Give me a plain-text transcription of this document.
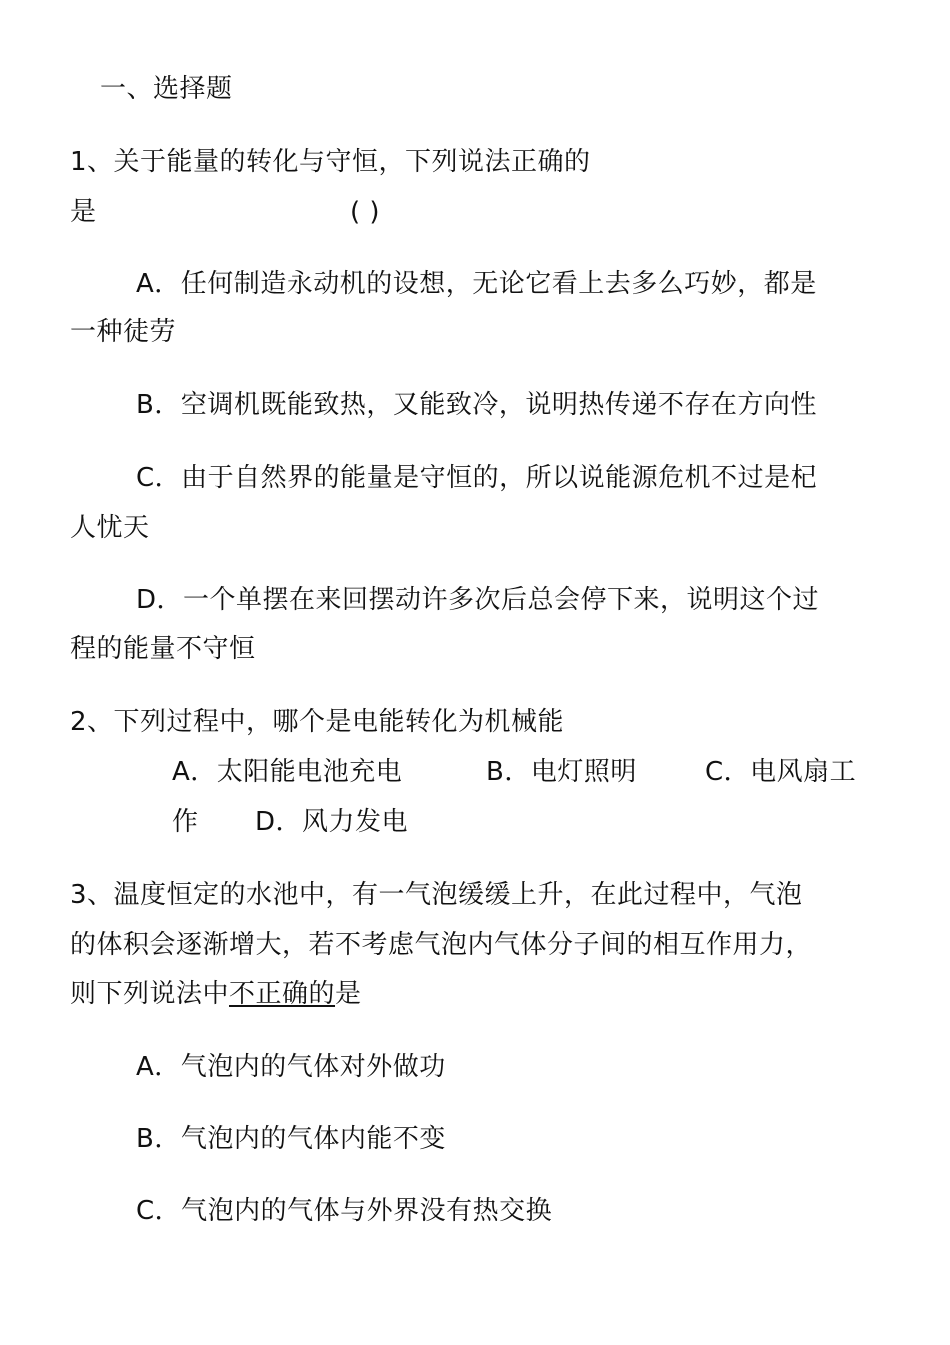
一、选择题
1、关于能量的转化与守恒，下列说法正确的
是	( )
A．任何制造永动机的设想，无论它看上去多么巧妙，都是
一种徒劳
B．空调机既能致热，又能致冷，说明热传递不存在方向性
C．由于自然界的能量是守恒的，所以说能源危机不过是杞
人忧天
D．一个单摆在来回摆动许多次后总会停下来，说明这个过
程的能量不守恒
2、下列过程中，哪个是电能转化为机械能
A．太阳能电池充电	B．电灯照明	C．电风扇工
作 D．风力发电
3、温度恒定的水池中，有一气泡缓缓上升，在此过程中，气泡
的体积会逐渐增大，若不考虑气泡内气体分子间的相互作用力，
则下列说法中不正确的是
A．气泡内的气体对外做功
B．气泡内的气体内能不变
C．气泡内的气体与外界没有热交换
